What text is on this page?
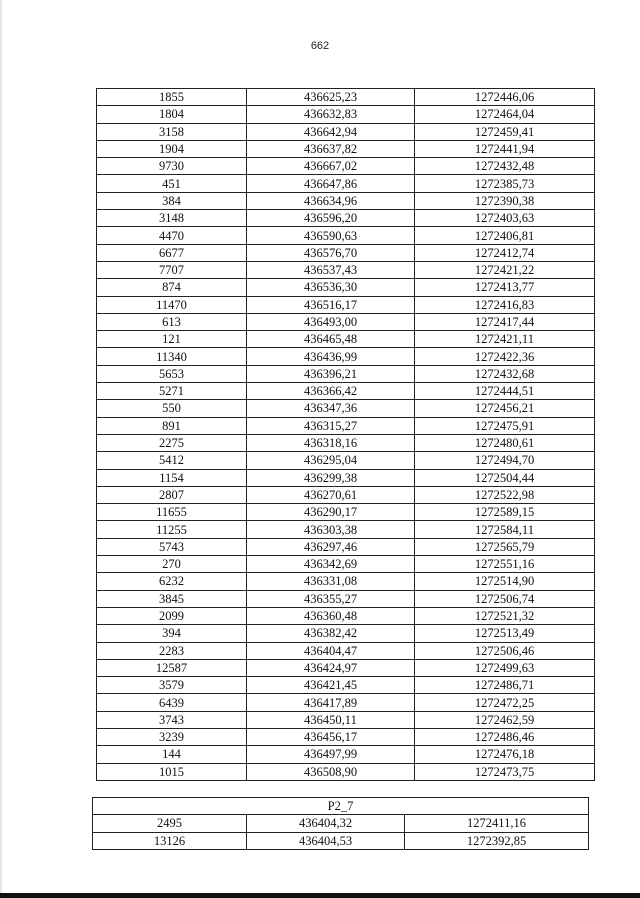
662
1855	436625,23	1272446,06
1804	436632,83	1272464,04
3158	436642,94	1272459,41
1904	436637,82	1272441,94
9730	436667,02	1272432,48
451	436647,86	1272385,73
384	436634,96	1272390,38
3148	436596,20	1272403,63
4470	436590,63	1272406,81
6677	436576,70	1272412,74
7707	436537,43	1272421,22
874	436536,30	1272413,77
11470	436516,17	1272416,83
613	436493,00	1272417,44
121	436465,48	1272421,11
11340	436436,99	1272422,36
5653	436396,21	1272432,68
5271	436366,42	1272444,51
550	436347,36	1272456,21
891	436315,27	1272475,91
2275	436318,16	1272480,61
5412	436295,04	1272494,70
1154	436299,38	1272504,44
2807	436270,61	1272522,98
11655	436290,17	1272589,15
11255	436303,38	1272584,11
5743	436297,46	1272565,79
270	436342,69	1272551,16
6232	436331,08	1272514,90
3845	436355,27	1272506,74
2099	436360,48	1272521,32
394	436382,42	1272513,49
2283	436404,47	1272506,46
12587	436424,97	1272499,63
3579	436421,45	1272486,71
6439	436417,89	1272472,25
3743	436450,11	1272462,59
3239	436456,17	1272486,46
144	436497,99	1272476,18
1015	436508,90	1272473,75
P2_7		
2495	436404,32	1272411,16
13126	436404,53	1272392,85
